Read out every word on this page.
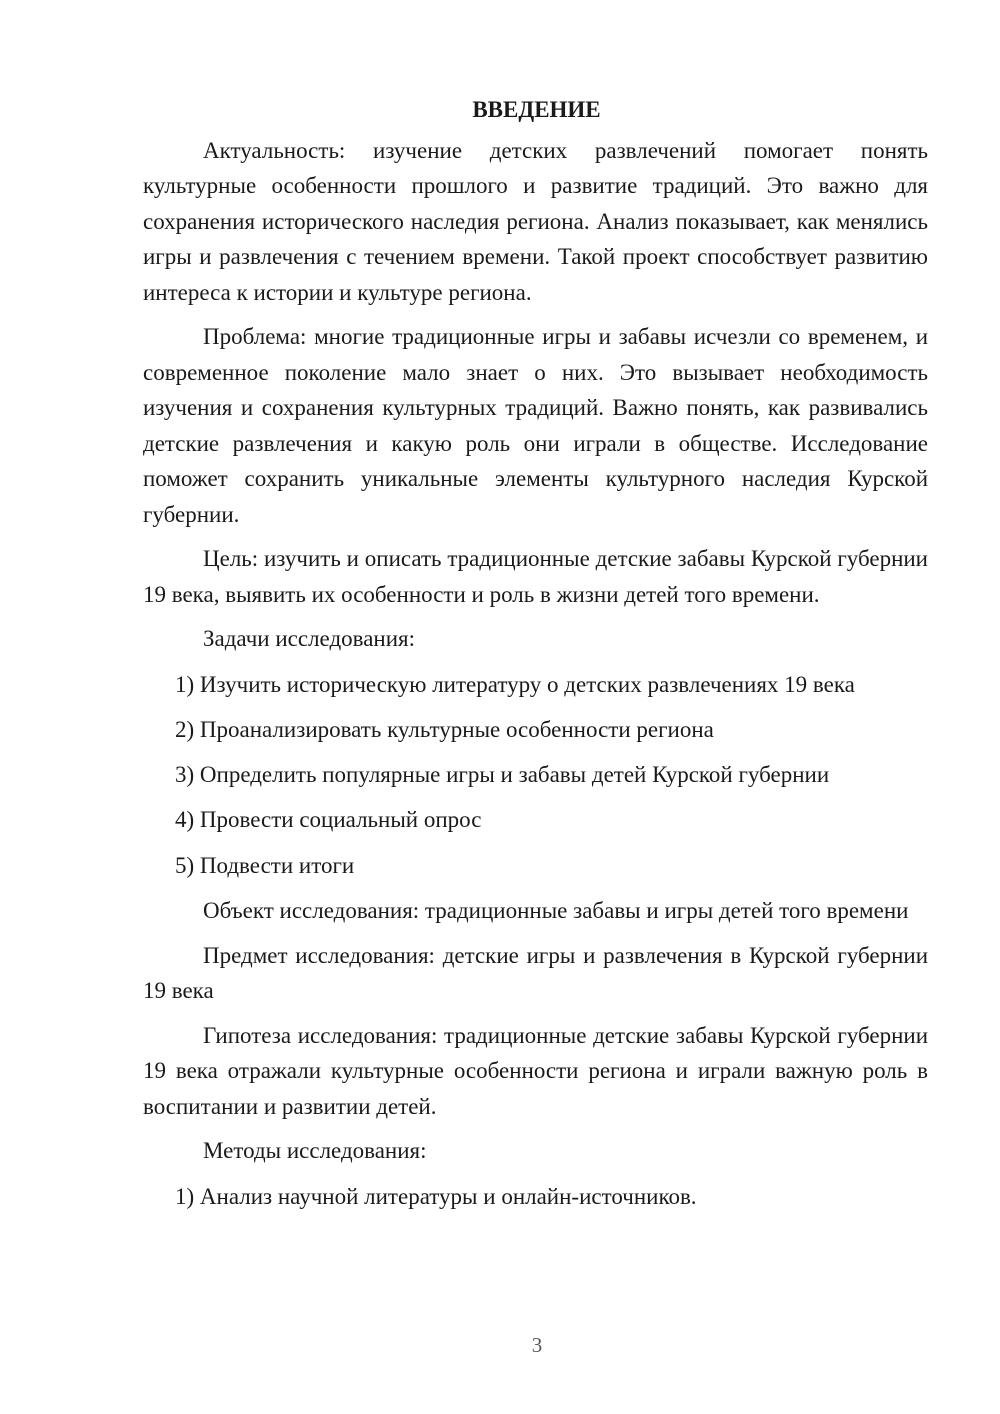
ВВЕДЕНИЕ

Актуальность: изучение детских развлечений помогает понять культурные особенности прошлого и развитие традиций. Это важно для сохранения исторического наследия региона. Анализ показывает, как менялись игры и развлечения с течением времени. Такой проект способствует развитию интереса к истории и культуре региона.

Проблема: многие традиционные игры и забавы исчезли со временем, и современное поколение мало знает о них. Это вызывает необходимость изучения и сохранения культурных традиций. Важно понять, как развивались детские развлечения и какую роль они играли в обществе. Исследование поможет сохранить уникальные элементы культурного наследия Курской губернии.

Цель: изучить и описать традиционные детские забавы Курской губернии 19 века, выявить их особенности и роль в жизни детей того времени.

Задачи исследования:
1) Изучить историческую литературу о детских развлечениях 19 века
2) Проанализировать культурные особенности региона
3) Определить популярные игры и забавы детей Курской губернии
4) Провести социальный опрос
5) Подвести итоги

Объект исследования: традиционные забавы и игры детей того времени

Предмет исследования: детские игры и развлечения в Курской губернии 19 века

Гипотеза исследования: традиционные детские забавы Курской губернии 19 века отражали культурные особенности региона и играли важную роль в воспитании и развитии детей.

Методы исследования:
1) Анализ научной литературы и онлайн-источников.
3
